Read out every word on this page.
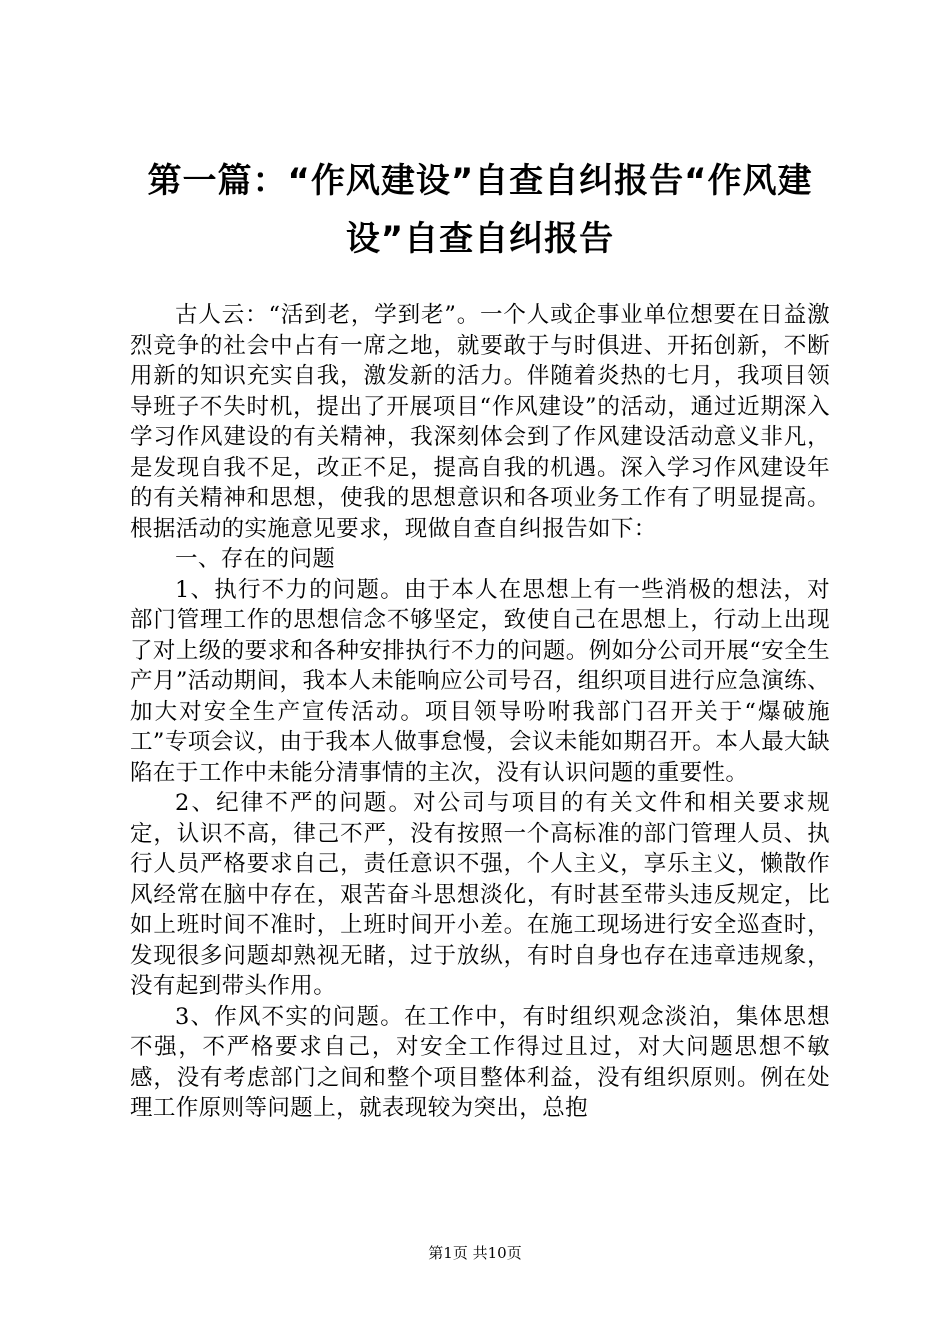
第一篇：“作风建设”自查自纠报告“作风建设”自查自纠报告

古人云：“活到老，学到老”。一个人或企事业单位想要在日益激烈竞争的社会中占有一席之地，就要敢于与时俱进、开拓创新，不断用新的知识充实自我，激发新的活力。伴随着炎热的七月，我项目领导班子不失时机，提出了开展项目“作风建设”的活动，通过近期深入学习作风建设的有关精神，我深刻体会到了作风建设活动意义非凡，是发现自我不足，改正不足，提高自我的机遇。深入学习作风建设年的有关精神和思想，使我的思想意识和各项业务工作有了明显提高。根据活动的实施意见要求，现做自查自纠报告如下：

一、存在的问题

1、执行不力的问题。由于本人在思想上有一些消极的想法，对部门管理工作的思想信念不够坚定，致使自己在思想上，行动上出现了对上级的要求和各种安排执行不力的问题。例如分公司开展“安全生产月”活动期间，我本人未能响应公司号召，组织项目进行应急演练、加大对安全生产宣传活动。项目领导吩咐我部门召开关于“爆破施工”专项会议，由于我本人做事怠慢，会议未能如期召开。本人最大缺陷在于工作中未能分清事情的主次，没有认识问题的重要性。

2、纪律不严的问题。对公司与项目的有关文件和相关要求规定，认识不高，律己不严，没有按照一个高标准的部门管理人员、执行人员严格要求自己，责任意识不强，个人主义，享乐主义，懒散作风经常在脑中存在，艰苦奋斗思想淡化，有时甚至带头违反规定，比如上班时间不准时，上班时间开小差。在施工现场进行安全巡查时，发现很多问题却熟视无睹，过于放纵，有时自身也存在违章违规象，没有起到带头作用。

3、作风不实的问题。在工作中，有时组织观念淡泊，集体思想不强，不严格要求自己，对安全工作得过且过，对大问题思想不敏感，没有考虑部门之间和整个项目整体利益，没有组织原则。例在处理工作原则等问题上，就表现较为突出，总抱

第1页 共10页
